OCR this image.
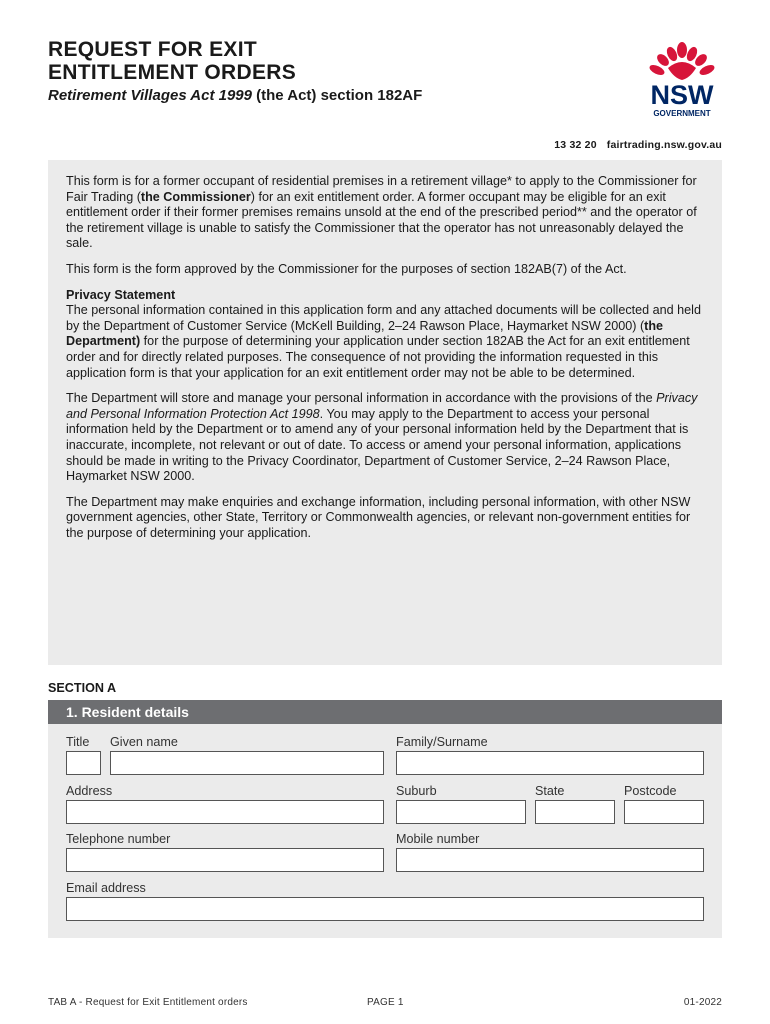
REQUEST FOR EXIT
ENTITLEMENT ORDERS
Retirement Villages Act 1999 (the Act) section 182AF	NSW
GOVERNMENT
13 32 20 fairtrading.nsw.gov.au

This form is for a former occupant of residential premises in a retirement village* to apply to the Commissioner for Fair Trading (the Commissioner) for an exit entitlement order. A former occupant may be eligible for an exit entitlement order if their former premises remains unsold at the end of the prescribed period** and the operator of the retirement village is unable to satisfy the Commissioner that the operator has not unreasonably delayed the sale.

This form is the form approved by the Commissioner for the purposes of section 182AB(7) of the Act.

Privacy Statement

The personal information contained in this application form and any attached documents will be collected and held by the Department of Customer Service (McKell Building, 2–24 Rawson Place, Haymarket NSW 2000) (the Department) for the purpose of determining your application under section 182AB the Act for an exit entitlement order and for directly related purposes. The consequence of not providing the information requested in this application form is that your application for an exit entitlement order may not be able to be determined.

The Department will store and manage your personal information in accordance with the provisions of the Privacy and Personal Information Protection Act 1998. You may apply to the Department to access your personal information held by the Department or to amend any of your personal information held by the Department that is inaccurate, incomplete, not relevant or out of date. To access or amend your personal information, applications should be made in writing to the Privacy Coordinator, Department of Customer Service, 2–24 Rawson Place, Haymarket NSW 2000.

The Department may make enquiries and exchange information, including personal information, with other NSW government agencies, other State, Territory or Commonwealth agencies, or relevant non-government entities for the purpose of determining your application.

SECTION A
1. Resident details
Title Given name	Family/Surname
Address	Suburb	State	Postcode
Telephone number	Mobile number
Email address
TAB A - Request for Exit Entitlement orders	PAGE 1	01-2022
